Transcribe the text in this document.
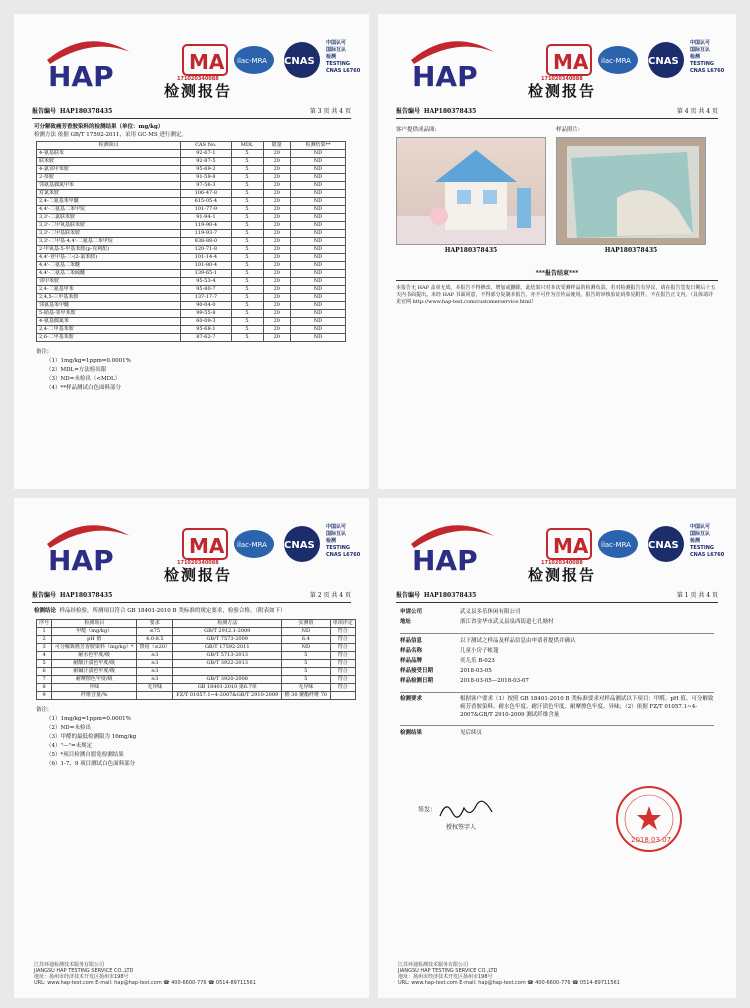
HAP	MA ilac-MRA CNAS
中国认可
国际互认
检测
TESTING
CNAS L6760
171020340088
检测报告
报告编号 HAP180378435	第 3 页 共 4 页
可分解致癌芳香胺染料的检测结果（单位：mg/kg）
检测方法 依据 GB/T 17592-2011，采用 GC-MS 进行测定。
检测项目	CAS No.	MDL	限量	检测结果**
4-氨基联苯	92-67-1	5	20	ND
联苯胺	92-87-5	5	20	ND
4-氯邻甲苯胺	95-69-2	5	20	ND
2-萘胺	91-59-8	5	20	ND
邻氨基偶氮甲苯	97-56-3	5	20	ND
对氯苯胺	106-47-8	5	20	ND
2,4-二氨基苯甲醚	615-05-4	5	20	ND
4,4'-二氨基二苯甲烷	101-77-9	5	20	ND
3,3'-二氯联苯胺	91-94-1	5	20	ND
3,3'-二甲氧基联苯胺	119-90-4	5	20	ND
3,3'-二甲基联苯胺	119-93-7	5	20	ND
3,3'-二甲基-4,4'-二氨基二苯甲烷	838-88-0	5	20	ND
2-甲氧基-5-甲基苯胺(p-克利酊)	120-71-8	5	20	ND
4,4'-亚甲基-二-(2-氯苯胺)	101-14-4	5	20	ND
4,4'-二氨基二苯醚	101-80-4	5	20	ND
4,4'-二氨基二苯硫醚	139-65-1	5	20	ND
邻甲苯胺	95-53-4	5	20	ND
2,4-二氨基甲苯	95-80-7	5	20	ND
2,4,5-三甲基苯胺	137-17-7	5	20	ND
邻氨基苯甲醚	90-04-0	5	20	ND
5-硝基-邻甲苯胺	99-55-8	5	20	ND
4-氨基偶氮苯	60-09-3	5	20	ND
2,4-二甲基苯胺	95-68-1	5	20	ND
2,6-二甲基苯胺	87-62-7	5	20	ND
备注:
（1）1mg/kg=1ppm=0.0001%
（2）MDL=方法检出限
（3）ND=未检出（<MDL）
（4）**样品测试白色面料部分
HAP	MA ilac-MRA CNAS
中国认可
国际互认
检测
TESTING
CNAS L6760
171020340088
检测报告
报告编号 HAP180378435	第 4 页 共 4 页
客户提供成品图:
HAP180378435
样品照片:
HAP180378435
***报告结束***
本报告无 HAP 盖章无效。本报告不得修改、增加或删除。此结果只对本次受测样品的检测负责。若对检测报告有异议，请在报告签发日期后十五天内书面提出。未经 HAP 书面同意，不得部分复制本报告，亦不可作为宣传品使用。报告的审核验证码参见附件，不在报告正文内。（具体请详见官网 http://www.hap-test.com/customerservice.html）
HAP	MA ilac-MRA CNAS
中国认可
国际互认
检测
TESTING
CNAS L6760
171020340088
检测报告
报告编号 HAP180378435	第 2 页 共 4 页
检测结论 样品经检验，所测项目符合 GB 18401-2010 B 类标准的规定要求，检验合格。（附表如下）
序号	检测项目	要求	检测方法	实测值	单项评定
1	甲醛（mg/kg）	≤75	GB/T 2912.1-2009	ND	符合
2	pH 值	4.0-8.5	GB/T 7573-2009	6.4	符合
3	可分解致癌芳香胺染料（mg/kg）*	禁用（≤20）	GB/T 17592-2011	ND	符合
4	耐水色牢度/级	≥3	GB/T 5713-2013	5	符合
5	耐酸汗渍色牢度/级	≥3	GB/T 3922-2013	5	符合
6	耐碱汗渍色牢度/级	≥3		5	符合
7	耐摩擦色牢度/级	≥3	GB/T 3920-2008	5	符合
8	异味	无异味	GB 18401-2010 第6.7章	无异味	符合
9	纤维含量/%		FZ/T 01057.1~4-2007&GB/T 2910-2009	棉 30 聚酯纤维 70	
备注:
（1）1mg/kg=1ppm=0.0001%
（2）ND=未检出
（3）甲醛的最低检测限为 16mg/kg
（4）"—"=未规定
（5）*项目检测自愿免检测结果
（6）1-7、9 项目测试白色面料部分
江苏环通检测技术服务有限公司
JIANGSU HAP TESTING SERVICE CO.,LTD
地址：扬州市经济技术开发区扬州市198号
URL: www.hap-test.com E-mail: hap@hap-test.com ☎ 400-6600-776 ☎ 0514-89711561
HAP	MA ilac-MRA CNAS
中国认可
国际互认
检测
TESTING
CNAS L6760
171020340088
检测报告
报告编号 HAP180378435	第 1 页 共 4 页
申请公司	武义县多乐休闲有限公司
地址	浙江省金华市武义县泉西街道七孔塘村
样品信息	以下测试之样品及样品信息由申请者提供并确认
样品名称	儿童小房子帐篷
样品品牌	奕儿乐 B-023
样品接受日期	2018-03-05
样品检测日期	2018-03-05—2018-03-07
检测要求	根据客户要求（1）按照 GB 18401-2010 B 类标准要求对样品测试以下项目：甲醛、pH 值、可分解致癌芳香胺染料、耐水色牢度、耐汗渍色牢度、耐摩擦色牢度、异味；（2）依据 FZ/T 01057.1~4-2007&GB/T 2910-2009 测试纤维含量
检测结果	见后续页
签发：
授权签字人
2018.03.07
江苏环通检测技术服务有限公司
JIANGSU HAP TESTING SERVICE CO.,LTD
地址：扬州市经济技术开发区扬州市198号
URL: www.hap-test.com E-mail: hap@hap-test.com ☎ 400-6600-776 ☎ 0514-89711561
